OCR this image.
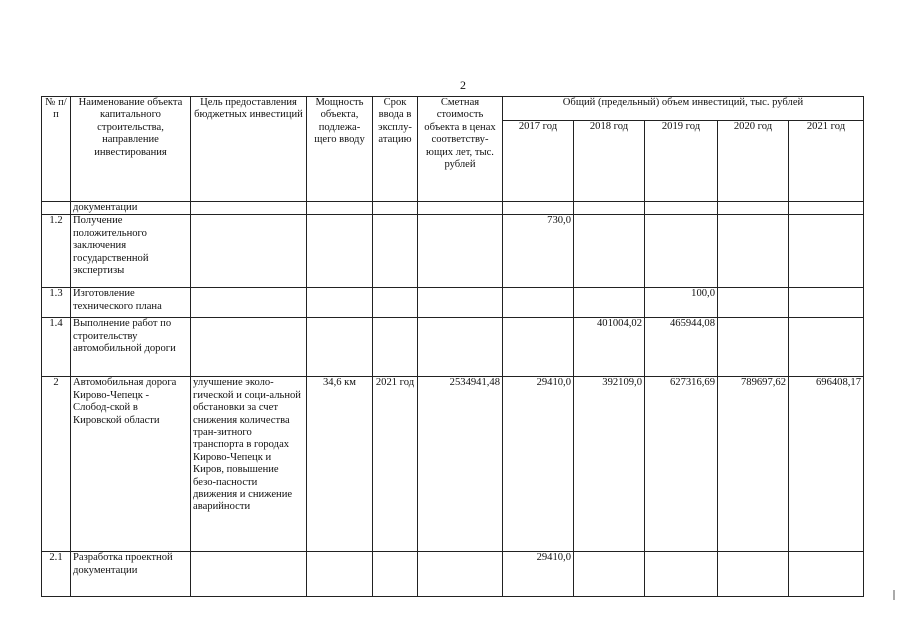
2
№ п/п	Наименование объекта капитального строительства, направление инвестирования	Цель предоставления бюджетных инвестиций	Мощность объекта, подлежа-щего вводу	Срок ввода в эксплу-атацию	Сметная стоимость объекта в ценах соответству-ющих лет, тыс. рублей	Общий (предельный) объем инвестиций, тыс. рублей				
						2017 год	2018 год	2019 год	2020 год	2021 год
	документации									
1.2	Получение положительного заключения государственной экспертизы					730,0				
1.3	Изготовление технического плана							100,0		
1.4	Выполнение работ по строительству автомобильной дороги						401004,02	465944,08		
2	Автомобильная дорога Кирово-Чепецк - Слобод-ской в Кировской области	улучшение эколо-гической и соци-альной обстановки за счет снижения количества тран-зитного транспорта в городах Кирово-Чепецк и Киров, повышение безо-пасности движения и снижение аварийности	34,6 км	2021 год	2534941,48	29410,0	392109,0	627316,69	789697,62	696408,17
2.1	Разработка проектной документации					29410,0				
